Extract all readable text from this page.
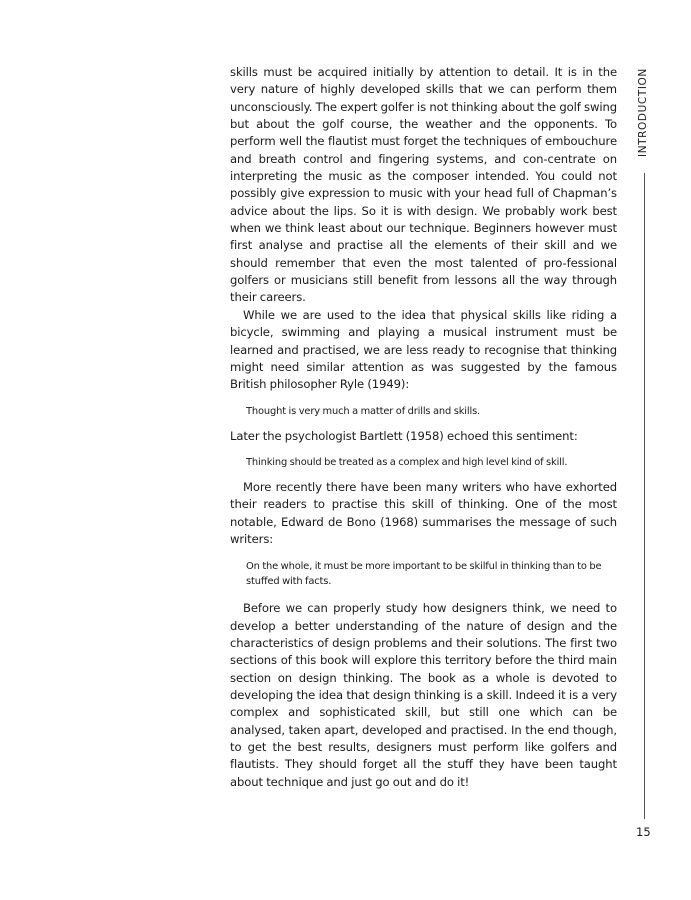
skills must be acquired initially by attention to detail. It is in the very nature of highly developed skills that we can perform them unconsciously. The expert golfer is not thinking about the golf swing but about the golf course, the weather and the opponents. To perform well the flautist must forget the techniques of embouchure and breath control and fingering systems, and con-centrate on interpreting the music as the composer intended. You could not possibly give expression to music with your head full of Chapman’s advice about the lips. So it is with design. We probably work best when we think least about our technique. Beginners however must first analyse and practise all the elements of their skill and we should remember that even the most talented of pro-fessional golfers or musicians still benefit from lessons all the way through their careers.

While we are used to the idea that physical skills like riding a bicycle, swimming and playing a musical instrument must be learned and practised, we are less ready to recognise that thinking might need similar attention as was suggested by the famous British philosopher Ryle (1949):

Thought is very much a matter of drills and skills.

Later the psychologist Bartlett (1958) echoed this sentiment:

Thinking should be treated as a complex and high level kind of skill.

More recently there have been many writers who have exhorted their readers to practise this skill of thinking. One of the most notable, Edward de Bono (1968) summarises the message of such writers:

On the whole, it must be more important to be skilful in thinking than to be stuffed with facts.

Before we can properly study how designers think, we need to develop a better understanding of the nature of design and the characteristics of design problems and their solutions. The first two sections of this book will explore this territory before the third main section on design thinking. The book as a whole is devoted to developing the idea that design thinking is a skill. Indeed it is a very complex and sophisticated skill, but still one which can be analysed, taken apart, developed and practised. In the end though, to get the best results, designers must perform like golfers and flautists. They should forget all the stuff they have been taught about technique and just go out and do it!

INTRODUCTION
15
